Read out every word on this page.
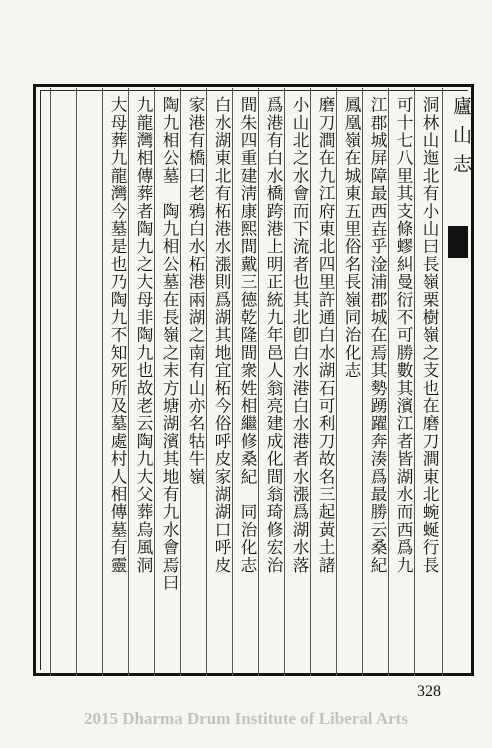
廬山志
洞林山迤北有小山曰長嶺栗樹嶺之支也在磨刀澗東北蜿蜒行長
可十七八里其支條蟉糾曼衍不可勝數其濱江者皆湖水而西爲九
江郡城屏障最西壵乎淦浦郡城在焉其勢踴躍奔湊爲最勝云桑紀
鳳凰嶺在城東五里俗名長嶺同治化志
磨刀澗在九江府東北四里許通白水湖石可利刀故名三起黃土諸
小山北之水會而下流者也其北卽白水港白水港者水漲爲湖水落
爲港有白水橋跨港上明正統九年邑人翁亮建成化間翁琦修宏治
間朱四重建淸康熙間戴三德乾隆間衆姓相繼修桑紀　同治化志
白水湖東北有柘港水漲則爲湖其地宜柘今俗呼皮家湖湖口呼皮
家港有橋曰老鴉白水柘港兩湖之南有山亦名牯牛嶺
陶九相公墓　陶九相公墓在長嶺之末方塘湖濱其地有九水會焉曰
九龍灣相傳葬者陶九之大母非陶九也故老云陶九大父葬烏風洞
大母葬九龍灣今墓是也乃陶九不知死所及墓處村人相傳墓有靈
328
2015 Dharma Drum Institute of Liberal Arts
